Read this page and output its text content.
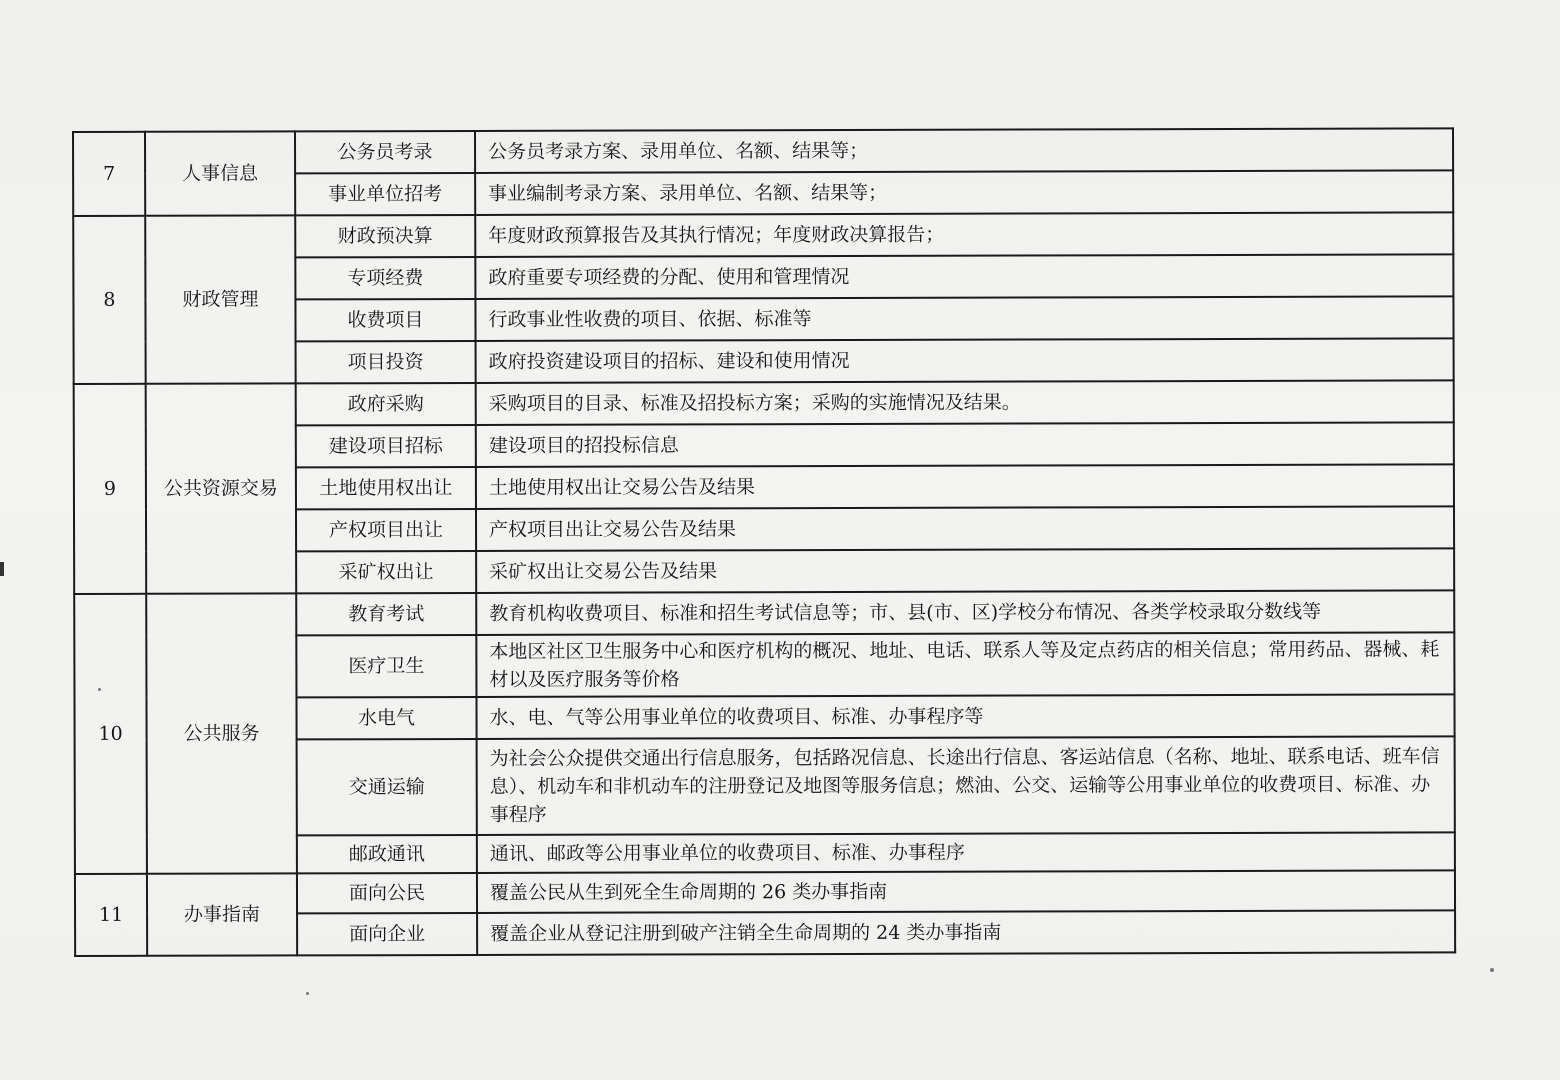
7	人事信息	公务员考录	公务员考录方案、录用单位、名额、结果等；
		事业单位招考	事业编制考录方案、录用单位、名额、结果等；
8	财政管理	财政预决算	年度财政预算报告及其执行情况；年度财政决算报告；
		专项经费	政府重要专项经费的分配、使用和管理情况
		收费项目	行政事业性收费的项目、依据、标准等
		项目投资	政府投资建设项目的招标、建设和使用情况
9	公共资源交易	政府采购	采购项目的目录、标准及招投标方案；采购的实施情况及结果。
		建设项目招标	建设项目的招投标信息
		土地使用权出让	土地使用权出让交易公告及结果
		产权项目出让	产权项目出让交易公告及结果
		采矿权出让	采矿权出让交易公告及结果
10	公共服务	教育考试	教育机构收费项目、标准和招生考试信息等；市、县(市、区)学校分布情况、各类学校录取分数线等
		医疗卫生	本地区社区卫生服务中心和医疗机构的概况、地址、电话、联系人等及定点药店的相关信息；常用药品、器械、耗材以及医疗服务等价格
		水电气	水、电、气等公用事业单位的收费项目、标准、办事程序等
		交通运输	为社会公众提供交通出行信息服务，包括路况信息、长途出行信息、客运站信息（名称、地址、联系电话、班车信息）、机动车和非机动车的注册登记及地图等服务信息；燃油、公交、运输等公用事业单位的收费项目、标准、办事程序
		邮政通讯	通讯、邮政等公用事业单位的收费项目、标准、办事程序
11	办事指南	面向公民	覆盖公民从生到死全生命周期的 26 类办事指南
		面向企业	覆盖企业从登记注册到破产注销全生命周期的 24 类办事指南
